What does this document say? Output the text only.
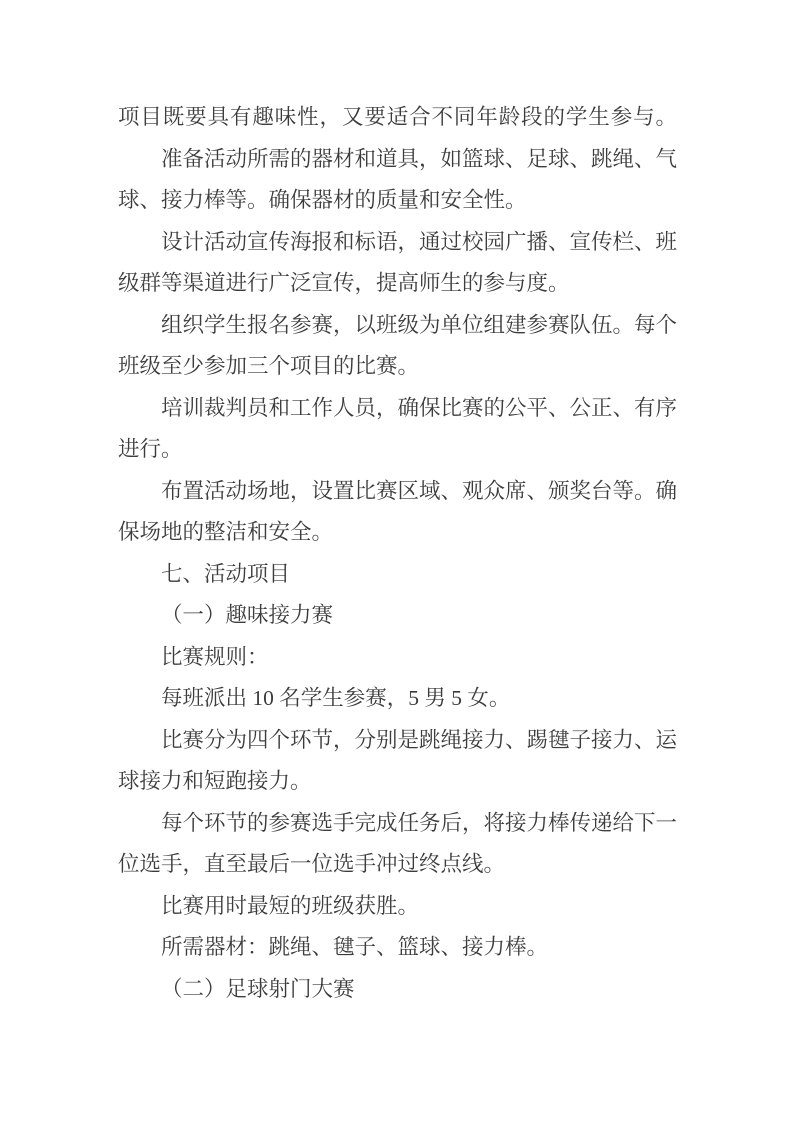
项目既要具有趣味性，又要适合不同年龄段的学生参与。
准备活动所需的器材和道具，如篮球、足球、跳绳、气
球、接力棒等。确保器材的质量和安全性。
设计活动宣传海报和标语，通过校园广播、宣传栏、班
级群等渠道进行广泛宣传，提高师生的参与度。
组织学生报名参赛，以班级为单位组建参赛队伍。每个
班级至少参加三个项目的比赛。
培训裁判员和工作人员，确保比赛的公平、公正、有序
进行。
布置活动场地，设置比赛区域、观众席、颁奖台等。确
保场地的整洁和安全。
七、活动项目
（一）趣味接力赛
比赛规则：
每班派出 10 名学生参赛，5 男 5 女。
比赛分为四个环节，分别是跳绳接力、踢毽子接力、运
球接力和短跑接力。
每个环节的参赛选手完成任务后，将接力棒传递给下一
位选手，直至最后一位选手冲过终点线。
比赛用时最短的班级获胜。
所需器材：跳绳、毽子、篮球、接力棒。
（二）足球射门大赛
